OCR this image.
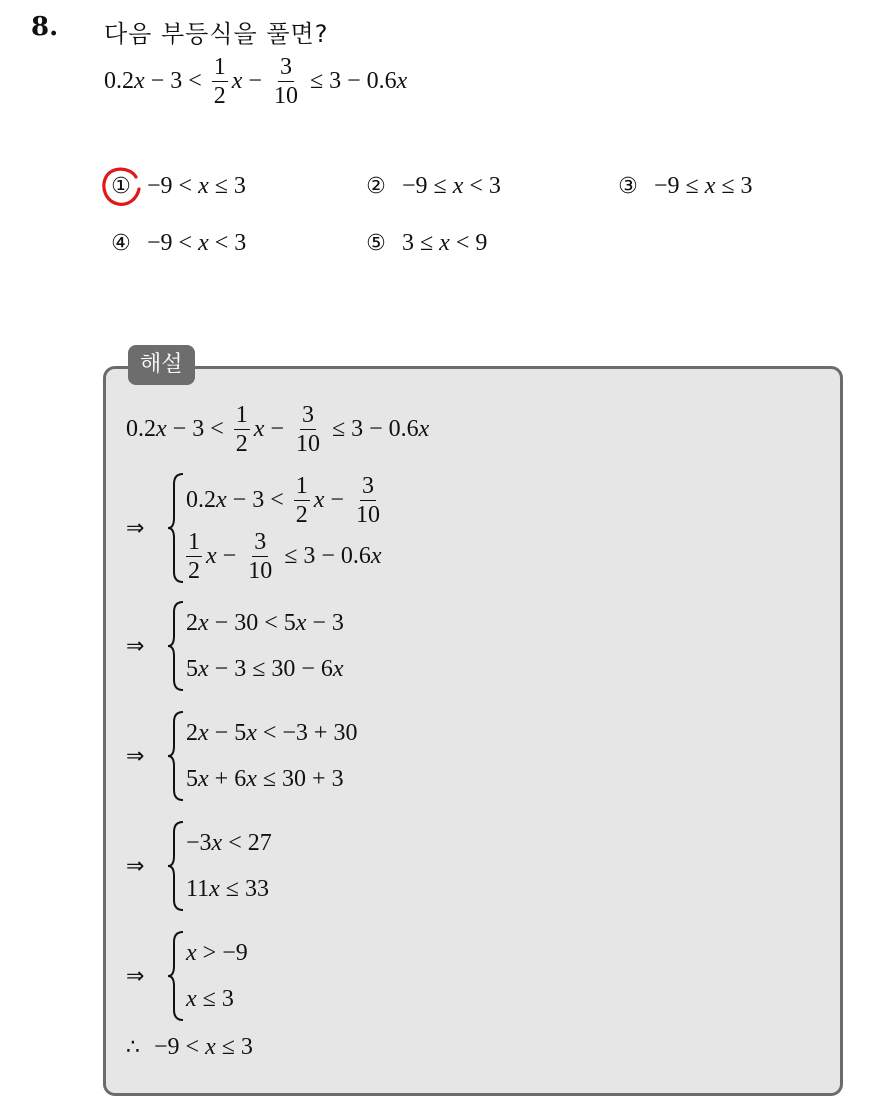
8. 다음 부등식을 풀면?
0.2 $x - 3 < \frac{1}{2}$ $x - \frac{3}{10} \le 3 - 0.6$ x
① −9 < x ≤ 3	② −9 ≤ x < 3	③ −9 ≤ x ≤ 3
④ −9 < x < 3	⑤ 3 ≤ x < 9
해설
0.2 $x - 3 < \frac{1}{2}$ $x - \frac{3}{10} \le 3 - 0.6$ x
⇒
0.2 $x - 3 < \frac{1}{2}$ $x - \frac{3}{10}$
$\frac{1}{2}$ $x - \frac{3}{10} \le 3 - 0.6$ x
⇒
2 x − 30 < 5 x − 3
5 x − 3 ≤ 30 − 6 x
⇒
2 x − 5 x < −3 + 30
5 x + 6 x ≤ 30 + 3
⇒
−3 x < 27
11 x ≤ 33
⇒
x > −9
x ≤ 3
∴ −9 < x ≤ 3
